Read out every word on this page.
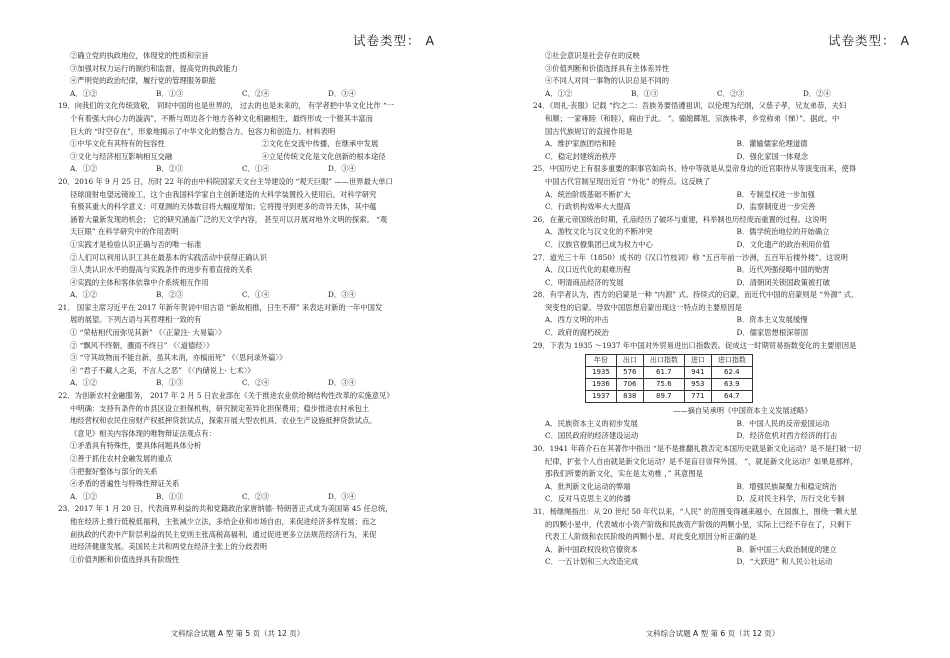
试卷类型： A
②确立党的执政地位，体现党的性质和宗旨
③加强对权力运行的制约和监督，提高党的执政能力
④严明党的政治纪律，履行党的管理服务职能
A．①②	B．①③	C．②④	D．③④
19．向我们的文化传统致敬， 同时中国的也是世界的， 过去的也是未来的， 有学者把中华文化比作 “一
个有着强大向心力的漩涡”，不断与周边各个地方各种文化相融相生，最终形成一个极其丰富而
巨大的 “时空存在”，形象地揭示了中华文化的整合力、包容力和创造力。材料表明
①中华文化有其特有的包容性	②文化在交流中传播，在继承中发展
③文化与经济相互影响相互交融	④立足传统文化是文化创新的根本途径
A．①②	B．②③	C．①④	D．③④
20．2016 年 9 月 25 日，历时 22 年的由中科院国家天文台主导建设的 “观天巨眼” ——世界最大单口
径球面射电望远镜竣工，这个由我国科学家自主创新建造的大科学装置投入使用后，对科学研究
有极其重大的科学意义：可观测的天体数目将大幅度增加；它将搜寻到更多的奇异天体，其中蕴
涵着大量新发现的机会； 它的研究涵盖广泛的天文学内容， 甚至可以开展对地外文明的探索。 “观
天巨眼” 在科学研究中的作用表明
①实践才是检验认识正确与否的唯一标准
②人们可以利用认识工具在最基本的实践活动中获得正确认识
③人类认识水平的提高与实践条件的进步有着直接的关系
④实践的主体和客体依靠中介系统相互作用
A．①②	B．②③	C．①④	D．③④
21． 国家主席习近平在 2017 年新年贺词中用古语 “新故相推，日生不滞” 来表达对新的一年中国发
展的展望。下列古语与其哲理相一致的有
① “荣枯相代而弥见其新” 《〈正蒙注· 大易篇〉》
② “飘风不终朝，骤雨不终日” 《〈道德经〉》
③ “守其故物而不能自新，虽其未消，亦槁而死” 《〈思问录外篇〉》
④ “君子不藏人之美，不言人之恶” 《〈内储说上· 七术〉》
A．①②	B．①③	C．②④	D．③④
22．为创新农村金融服务， 2017 年 2 月 5 日农业部在《关于推进农业供给侧结构性改革的实施意见》
中明确：支持有条件的市县区设立担保机构，研究制定差异化担保费用；稳步推进农村承包土
地经营权和农民住房财产权抵押贷款试点，探索开展大型农机具、农业生产设施抵押贷款试点。
《意见》相关内容体现的唯物辩证法观点有：
①矛盾具有特殊性，要具体问题具体分析
②善于抓住农村金融发展的重点
③把握好整体与部分的关系
④矛盾的普遍性与特殊性辩证关系
A．①②	B．①③	C．②③	D．③④
23．2017 年 1 月 20 日，代表商界利益的共和党籍政治家唐纳德· 特朗普正式成为美国第 45 任总统，
他在经济上推行低税低福利，主张减少立法，多给企业和市场自由，来促进经济多样发展；而之
前执政的代表中产阶层利益的民主党则主张高税高福利，通过促进更多立法规范经济行为，来促
进经济健康发展。美国民主共和两党在经济主张上的分歧表明
①价值判断和价值选择具有阶级性
文科综合试题 A 型 第 5 页（共 12 页）
试卷类型： A
②社会意识是社会存在的反映
③价值判断和价值选择具有主体差异性
④不同人对同一事物的认识总是不同的
A．①②	B．①③	C．②③	D．②④
24．《周礼·丧服》记载 “约之二：吾族务要悟遵祖训，以伦理为纪纲，父慈子孝，兄友弟恭，夫妇
和顺；一家雍睦（和睦），痈由于此。 ”。骟媳踯旭，宗族株孝，乡党称弟（悌）”。据此，中
国古代族规订的直接作用是
A．维护家族团结和睦	B．灌输儒家伦理道德
C．稳定封建统治秩序	D．强化家国一体观念
25．中国历史上有很多重要的职事官如尚书、侍中等就是从皇帝身边的近官职侍从等演变而来，使得
中国古代官制呈现出近官 “外化” 的特点。这反映了
A．统治阶级基础不断扩大	B．专制皇权进一步加强
C．行政机构效率大大提高	D．监察制度进一步完善
26．在董元帝国统治时期，孔庙经历了破坏与重建，科举制也历经废而重置的过程。这说明
A．游牧文化与汉文化的不断冲突	B．儒学统治地位的开始确立
C．汉族官僚集团已成为权力中心	D．文化遗产的政治利用价值
27．道光三十年（1850）成书的《汉口竹枝词》称 “五百年前一沙洲，五百年后楼外楼”。这说明
A．汉口近代化的艰难历程	B．近代列强侵略中国的贻害
C．明清商品经济的发展	D．清朝闭关锁国政策被打破
28．有学者认为，西方的启蒙是一种 “内源” 式、持续式的启蒙，而近代中国的启蒙则是 “外源” 式、
突变性的启蒙。导致中国思想启蒙出现这一特点的主要原因是
A．西方文明的冲击	B．资本主义发展缓慢
C．政府的腐朽统治	D．儒家思想根深蒂固
29．下表为 1935 ～1937 年中国对外贸易进出口指数表。促成这一时期贸易指数变化的主要原因是
年份	出口	出口指数	进口	进口指数
1935	576	61.7	941	62.4
1936	706	75.6	953	63.9
1937	838	89.7	771	64.7
——摘自吴承明《中国资本主义发展述略》
A．民族资本主义的初步发展	B．中国人民的反帝爱国运动
C．国民政府的经济建设运动	D．经济危机对西方经济的打击
30．1941 年蒋介石在其著作中指出 “是不是推翻礼教否定本国历史就是新文化运动？是不是打破一切
纪律，扩张个人自由就是新文化运动？是不是盲目崇拜外国， ”，就是新文化运动？如果是那样，
那我们所要的新文化，实在是太劝椎 ，” 其意图是
A．批判新文化运动的弊端	B．增强民族凝聚力和稳定统治
C．反对马克思主义的传播	D．反对民主科学，历行文化专制
31．杨继绳指出：从 20 世纪 50 年代以来，“人民” 的范围变得越来越小，在国旗上，围绕一颗大星
的四颗小星中，代表城市小资产阶级和民族资产阶级的两颗小星，实际上已经不存在了，只剩下
代表工人阶级和农民阶级的两颗小星。对此变化原因分析正确的是
A．新中国政权没收官僚资本	B．新中国三大政治制度的建立
C．一五计划和三大改造完成	D．“大跃进” 和人民公社运动
文科综合试题 A 型 第 6 页（共 12 页）
